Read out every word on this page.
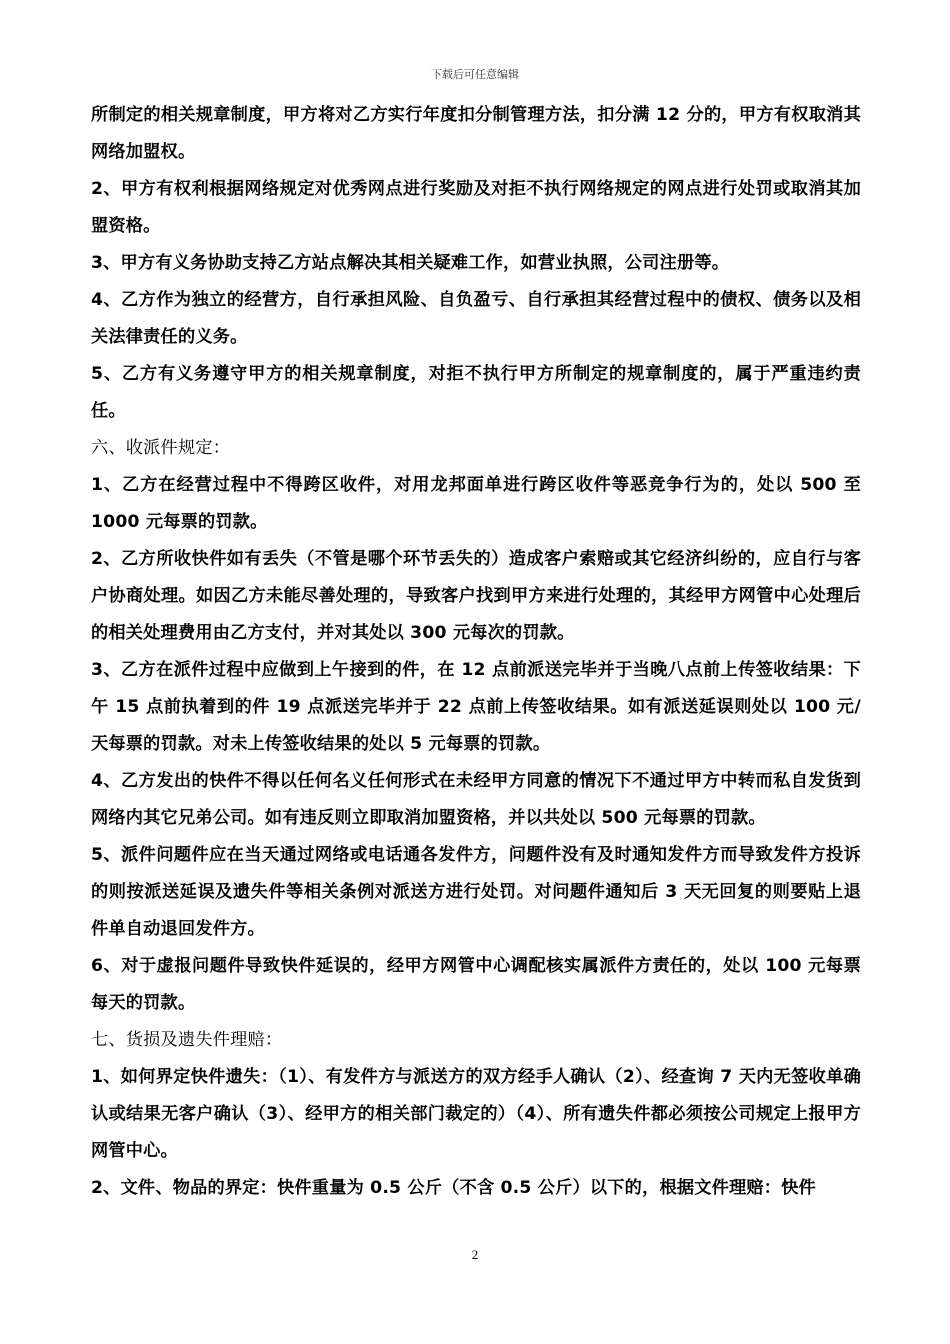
下载后可任意编辑

所制定的相关规章制度，甲方将对乙方实行年度扣分制管理方法，扣分满 12 分的，甲方有权取消其网络加盟权。

2、甲方有权利根据网络规定对优秀网点进行奖励及对拒不执行网络规定的网点进行处罚或取消其加盟资格。

3、甲方有义务协助支持乙方站点解决其相关疑难工作，如营业执照，公司注册等。

4、乙方作为独立的经营方，自行承担风险、自负盈亏、自行承担其经营过程中的债权、债务以及相关法律责任的义务。

5、乙方有义务遵守甲方的相关规章制度，对拒不执行甲方所制定的规章制度的，属于严重违约责任。

六、收派件规定：

1、乙方在经营过程中不得跨区收件，对用龙邦面单进行跨区收件等恶竞争行为的，处以 500 至 1000 元每票的罚款。

2、乙方所收快件如有丢失（不管是哪个环节丢失的）造成客户索赔或其它经济纠纷的，应自行与客户协商处理。如因乙方未能尽善处理的，导致客户找到甲方来进行处理的，其经甲方网管中心处理后的相关处理费用由乙方支付，并对其处以 300 元每次的罚款。

3、乙方在派件过程中应做到上午接到的件，在 12 点前派送完毕并于当晚八点前上传签收结果：下午 15 点前执着到的件 19 点派送完毕并于 22 点前上传签收结果。如有派送延误则处以 100 元/天每票的罚款。对未上传签收结果的处以 5 元每票的罚款。

4、乙方发出的快件不得以任何名义任何形式在未经甲方同意的情况下不通过甲方中转而私自发货到网络内其它兄弟公司。如有违反则立即取消加盟资格，并以共处以 500 元每票的罚款。

5、派件问题件应在当天通过网络或电话通各发件方，问题件没有及时通知发件方而导致发件方投诉的则按派送延误及遗失件等相关条例对派送方进行处罚。对问题件通知后 3 天无回复的则要贴上退件单自动退回发件方。

6、对于虚报问题件导致快件延误的，经甲方网管中心调配核实属派件方责任的，处以 100 元每票每天的罚款。

七、货损及遗失件理赔：

1、如何界定快件遗失：（1）、有发件方与派送方的双方经手人确认（2）、经查询 7 天内无签收单确认或结果无客户确认（3）、经甲方的相关部门裁定的）（4）、所有遗失件都必须按公司规定上报甲方网管中心。

2、文件、物品的界定：快件重量为 0.5 公斤（不含 0.5 公斤）以下的，根据文件理赔：快件

2
